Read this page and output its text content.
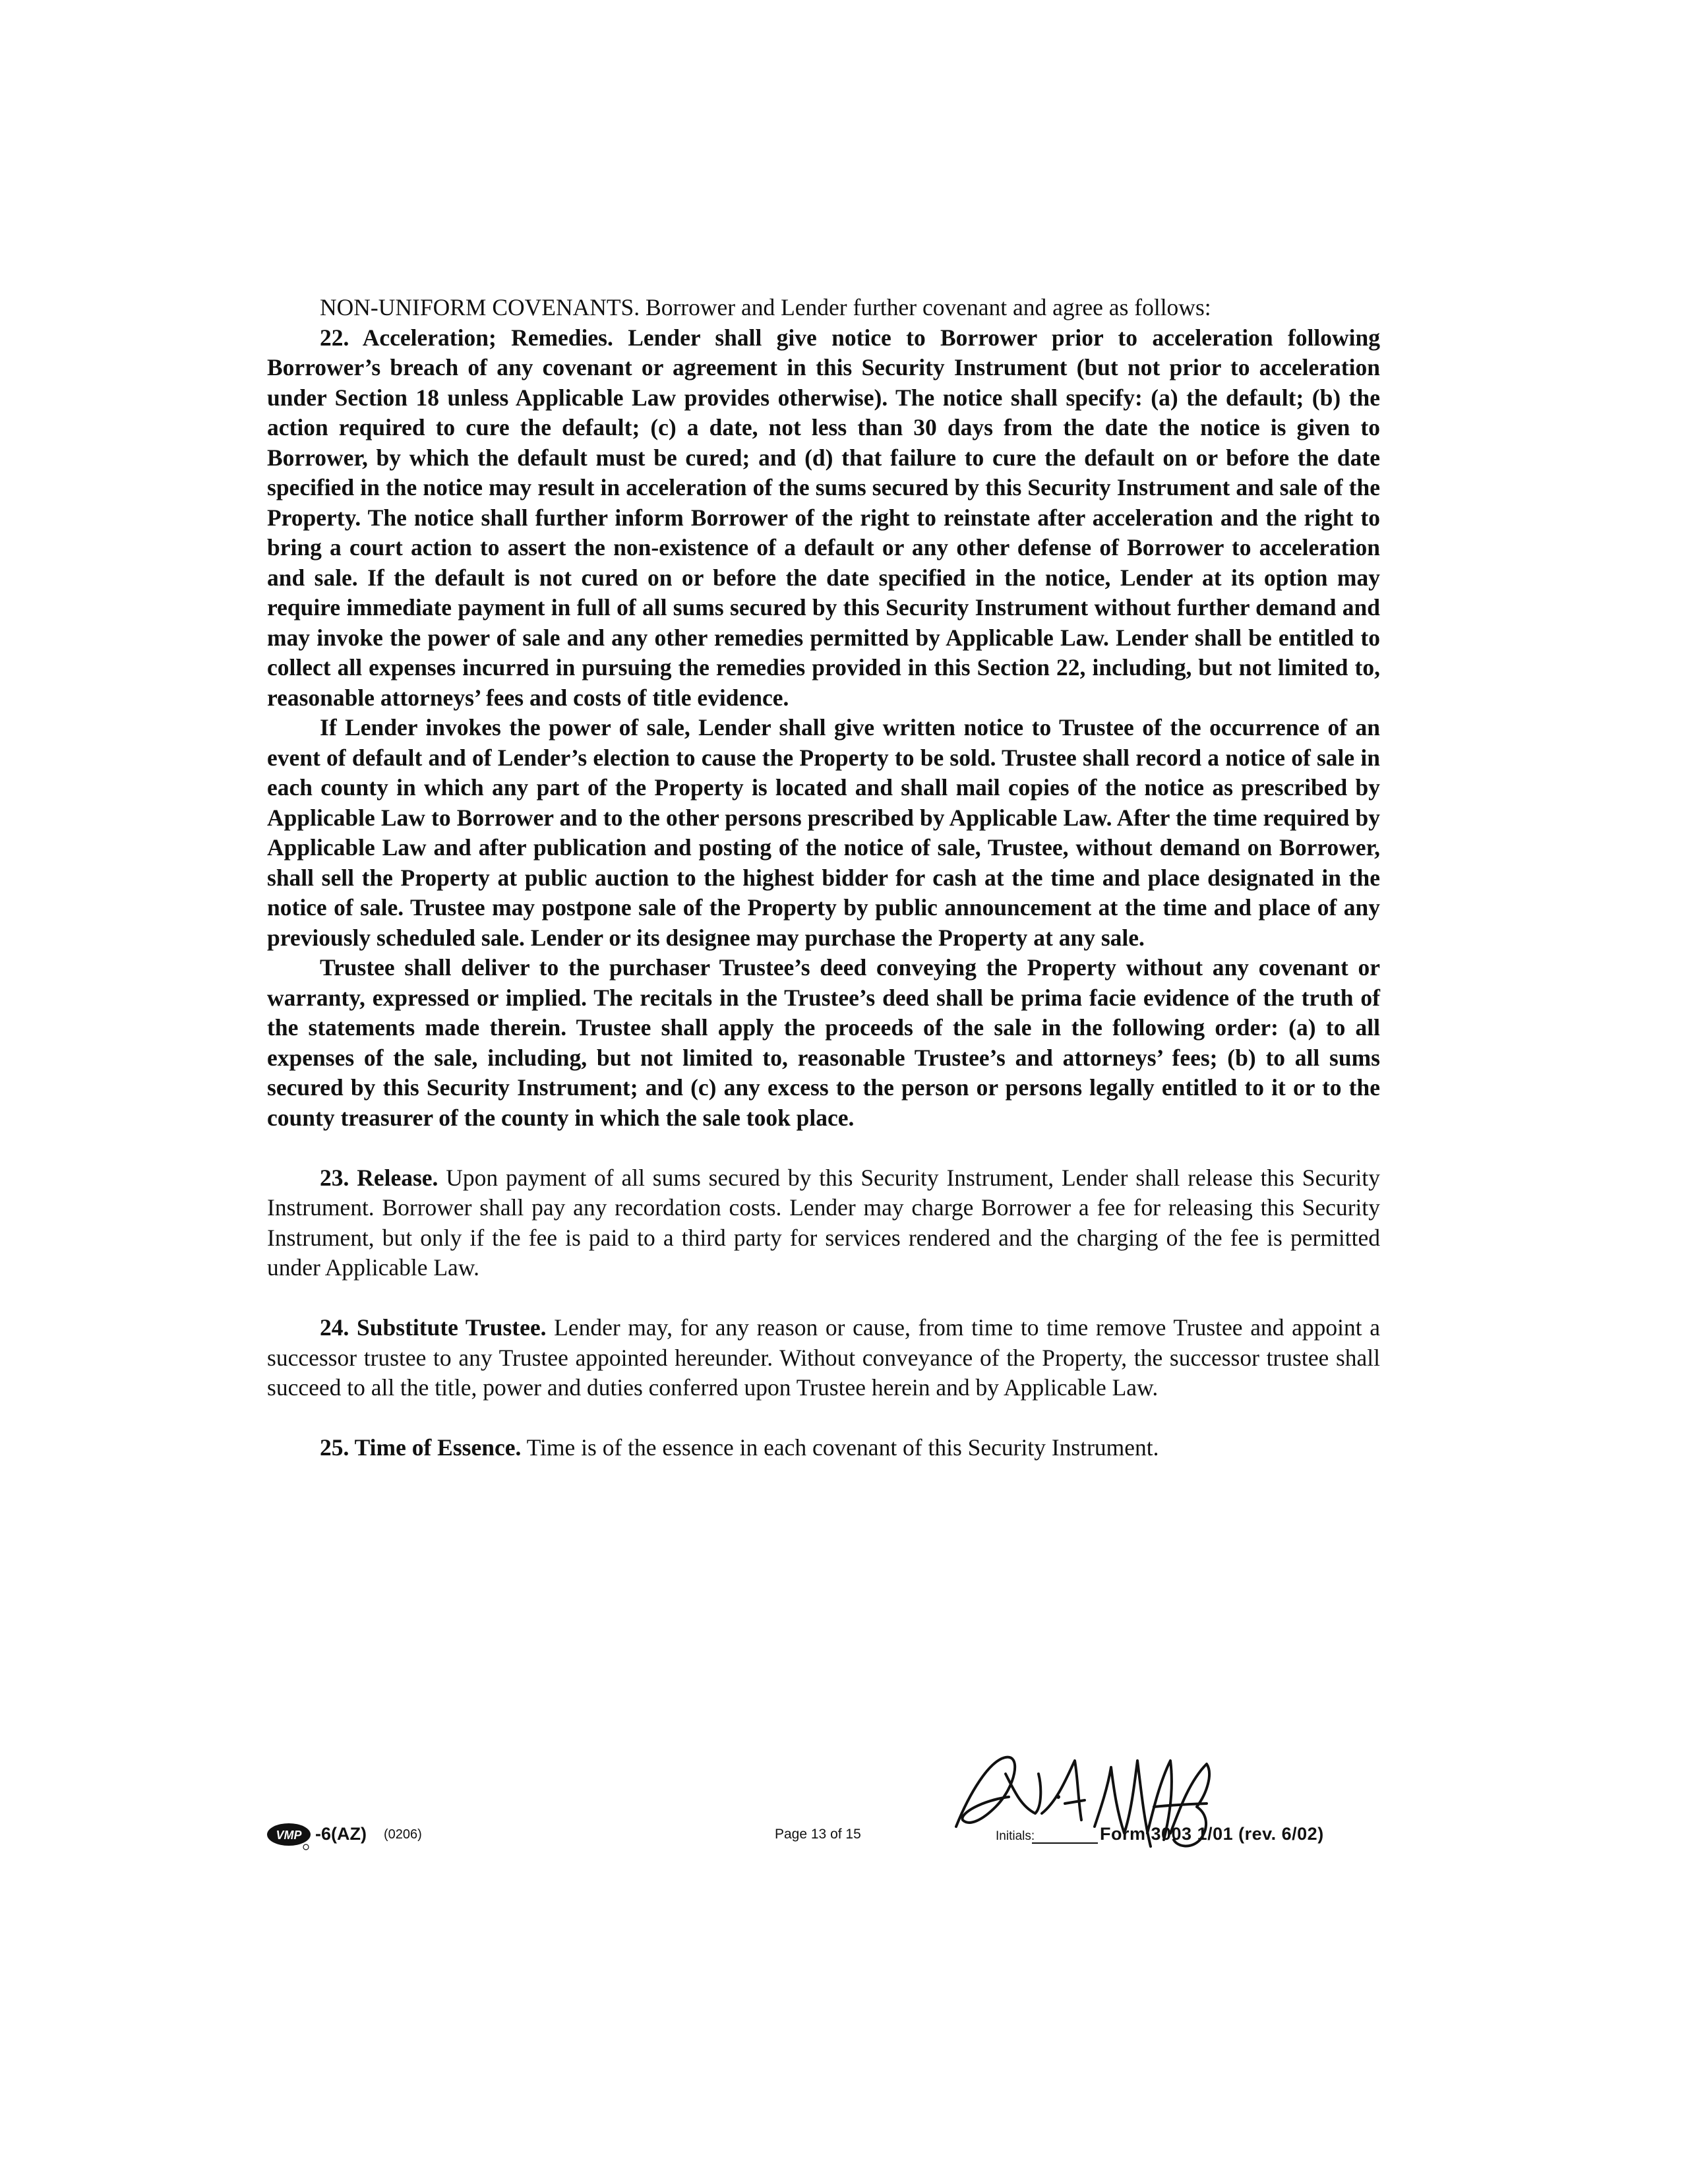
NON-UNIFORM COVENANTS. Borrower and Lender further covenant and agree as follows:

22. Acceleration; Remedies. Lender shall give notice to Borrower prior to acceleration following Borrower’s breach of any covenant or agreement in this Security Instrument (but not prior to acceleration under Section 18 unless Applicable Law provides otherwise). The notice shall specify: (a) the default; (b) the action required to cure the default; (c) a date, not less than 30 days from the date the notice is given to Borrower, by which the default must be cured; and (d) that failure to cure the default on or before the date specified in the notice may result in acceleration of the sums secured by this Security Instrument and sale of the Property. The notice shall further inform Borrower of the right to reinstate after acceleration and the right to bring a court action to assert the non-existence of a default or any other defense of Borrower to acceleration and sale. If the default is not cured on or before the date specified in the notice, Lender at its option may require immediate payment in full of all sums secured by this Security Instrument without further demand and may invoke the power of sale and any other remedies permitted by Applicable Law. Lender shall be entitled to collect all expenses incurred in pursuing the remedies provided in this Section 22, including, but not limited to, reasonable attorneys’ fees and costs of title evidence.

If Lender invokes the power of sale, Lender shall give written notice to Trustee of the occurrence of an event of default and of Lender’s election to cause the Property to be sold. Trustee shall record a notice of sale in each county in which any part of the Property is located and shall mail copies of the notice as prescribed by Applicable Law to Borrower and to the other persons prescribed by Applicable Law. After the time required by Applicable Law and after publication and posting of the notice of sale, Trustee, without demand on Borrower, shall sell the Property at public auction to the highest bidder for cash at the time and place designated in the notice of sale. Trustee may postpone sale of the Property by public announcement at the time and place of any previously scheduled sale. Lender or its designee may purchase the Property at any sale.

Trustee shall deliver to the purchaser Trustee’s deed conveying the Property without any covenant or warranty, expressed or implied. The recitals in the Trustee’s deed shall be prima facie evidence of the truth of the statements made therein. Trustee shall apply the proceeds of the sale in the following order: (a) to all expenses of the sale, including, but not limited to, reasonable Trustee’s and attorneys’ fees; (b) to all sums secured by this Security Instrument; and (c) any excess to the person or persons legally entitled to it or to the county treasurer of the county in which the sale took place.

23. Release. Upon payment of all sums secured by this Security Instrument, Lender shall release this Security Instrument. Borrower shall pay any recordation costs. Lender may charge Borrower a fee for releasing this Security Instrument, but only if the fee is paid to a third party for services rendered and the charging of the fee is permitted under Applicable Law.

24. Substitute Trustee. Lender may, for any reason or cause, from time to time remove Trustee and appoint a successor trustee to any Trustee appointed hereunder. Without conveyance of the Property, the successor trustee shall succeed to all the title, power and duties conferred upon Trustee herein and by Applicable Law.

25. Time of Essence. Time is of the essence in each covenant of this Security Instrument.

VMP -6(AZ) (0206)	Page 13 of 15	Initials:	Form 3003 1/01 (rev. 6/02)
